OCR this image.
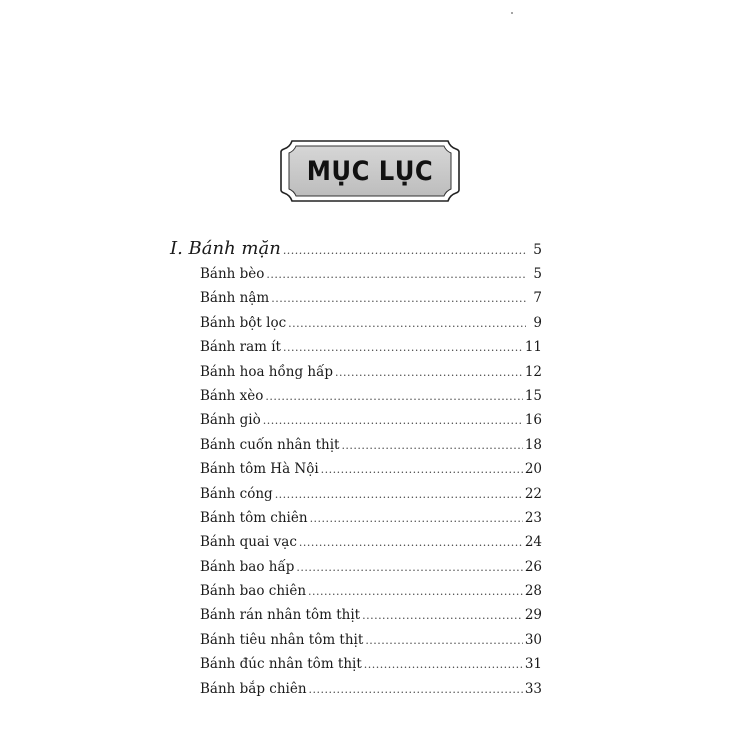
MỤC LỤC
I. Bánh mặn .....	5
Bánh bèo .....	5
Bánh nậm .....	7
Bánh bột lọc .....	9
Bánh ram ít .....	11
Bánh hoa hồng hấp .....	12
Bánh xèo .....	15
Bánh giò .....	16
Bánh cuốn nhân thịt .....	18
Bánh tôm Hà Nội .....	20
Bánh cóng .....	22
Bánh tôm chiên .....	23
Bánh quai vạc .....	24
Bánh bao hấp .....	26
Bánh bao chiên .....	28
Bánh rán nhân tôm thịt .....	29
Bánh tiêu nhân tôm thịt .....	30
Bánh đúc nhân tôm thịt .....	31
Bánh bắp chiên .....	33
